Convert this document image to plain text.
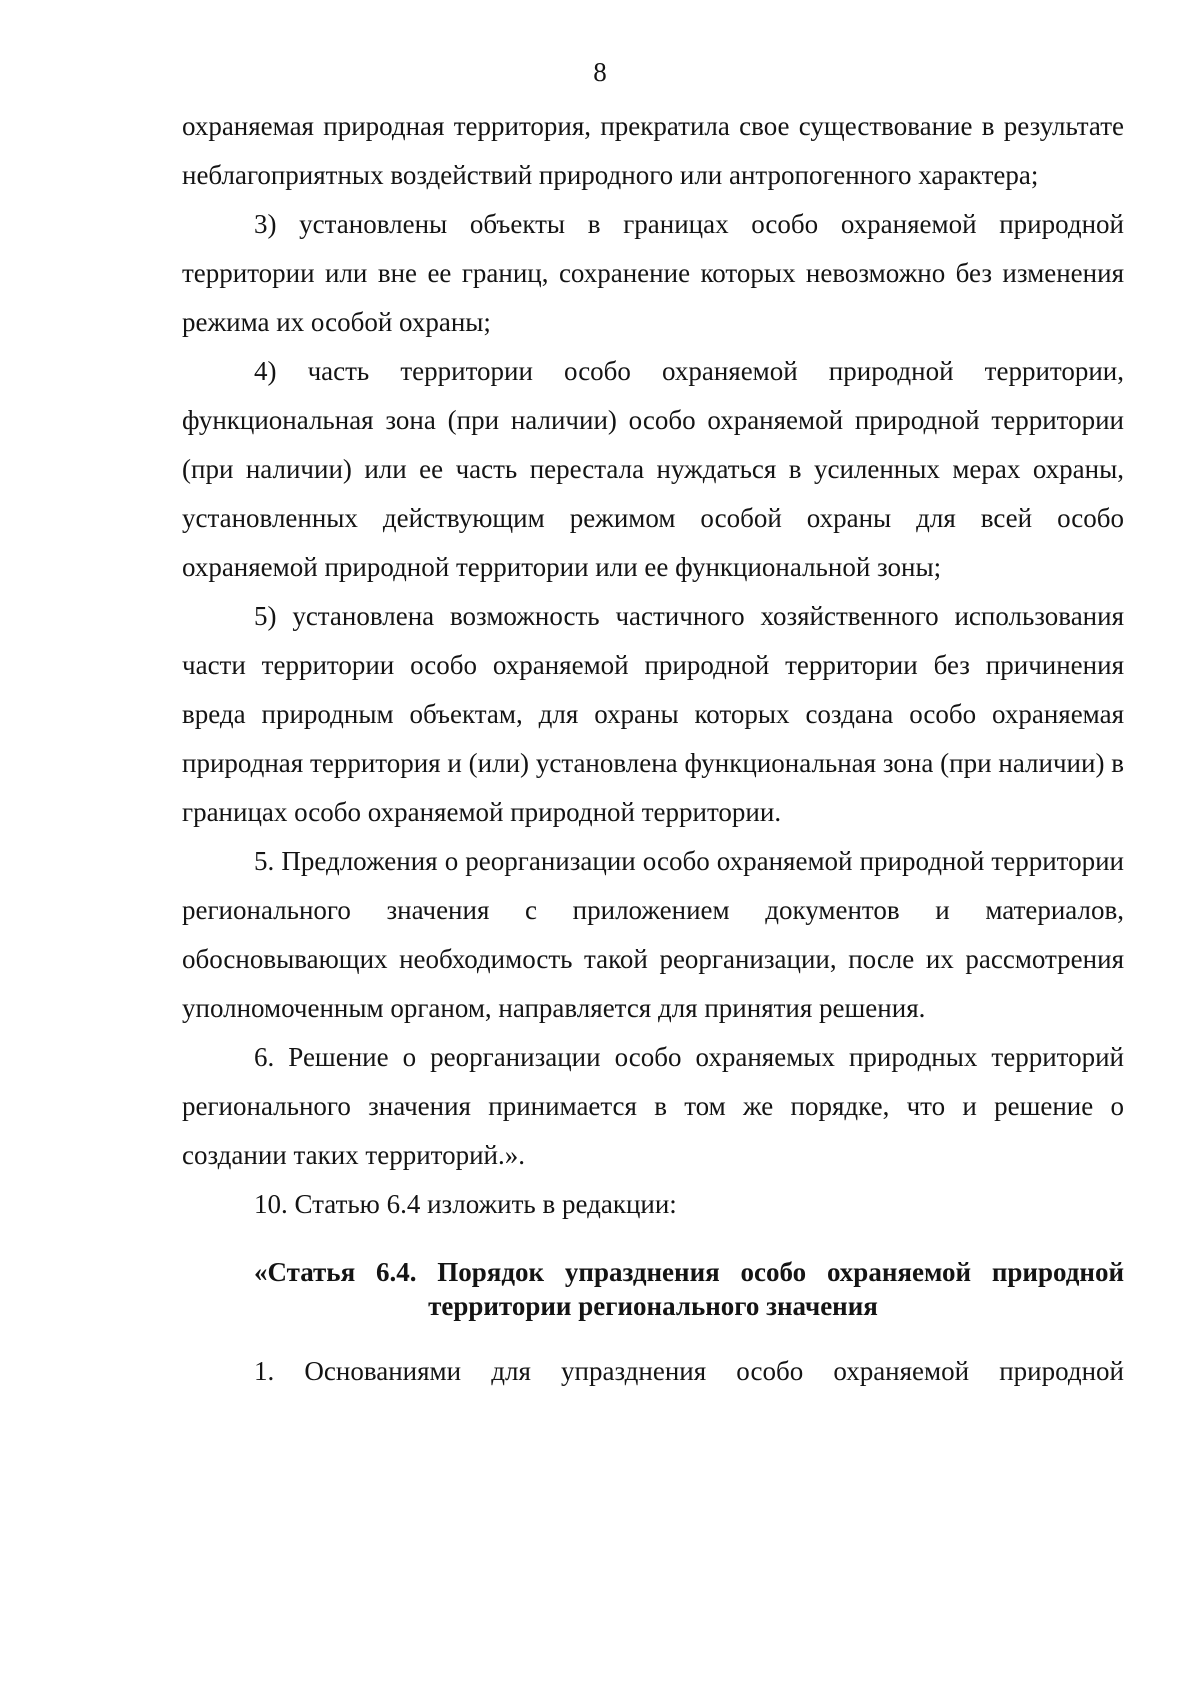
8

охраняемая природная территория, прекратила свое существование в результате неблагоприятных воздействий природного или антропогенного характера;

3) установлены объекты в границах особо охраняемой природной территории или вне ее границ, сохранение которых невозможно без изменения режима их особой охраны;

4) часть территории особо охраняемой природной территории, функциональная зона (при наличии) особо охраняемой природной территории (при наличии) или ее часть перестала нуждаться в усиленных мерах охраны, установленных действующим режимом особой охраны для всей особо охраняемой природной территории или ее функциональной зоны;

5) установлена возможность частичного хозяйственного использования части территории особо охраняемой природной территории без причинения вреда природным объектам, для охраны которых создана особо охраняемая природная территория и (или) установлена функциональная зона (при наличии) в границах особо охраняемой природной территории.

5. Предложения о реорганизации особо охраняемой природной территории регионального значения с приложением документов и материалов, обосновывающих необходимость такой реорганизации, после их рассмотрения уполномоченным органом, направляется для принятия решения.

6. Решение о реорганизации особо охраняемых природных территорий регионального значения принимается в том же порядке, что и решение о создании таких территорий.».

10. Статью 6.4 изложить в редакции:

«Статья 6.4. Порядок упразднения особо охраняемой природной
территории регионального значения

1. Основаниями для упразднения особо охраняемой природной
